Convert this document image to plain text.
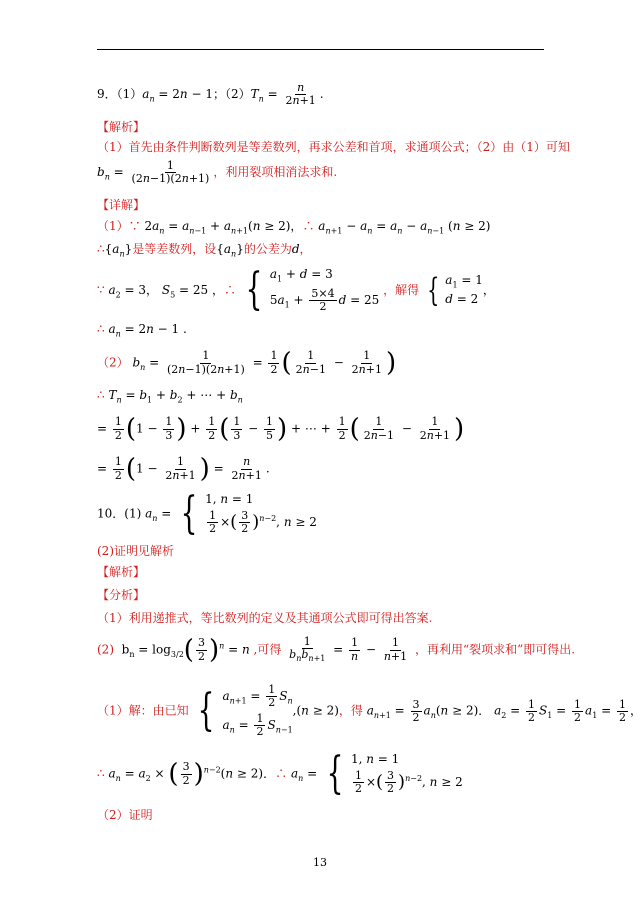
9．$(1)a_n = 2n - 1$；$(2)T_n = \frac{n}{2n+1}$ .
【解析】
（1）首先由条件判断数列是等差数列，再求公差和首项，求通项公式；（2）由（1）可知
$b_n = \frac{1}{(2n-1)(2n+1)}$ ，利用裂项相消法求和.
【详解】
（1）∵ $2a_n = a_{n-1} + a_{n+1}(n \ge 2)$，∴ $a_{n+1} - a_n = a_n - a_{n-1}$ (n ≥ 2)
$\therefore\{a_n\}$是等差数列，设$\{a_n\}$的公差为d，
∵ $a_2 = 3$， $S_5 = 25$ ，∴ { $a_1 + d = 3$
$5a_1 + \frac{5\times 4}{2}$ d = 25
，解得 { $a_1 = 1$
d = 2
，
∴ $a_n = 2n - 1$ .
（2） $b_n = \frac{1}{(2n-1)(2n+1)} = \frac{1}{2}$ ( $\frac{1}{2n-1} - \frac{1}{2n+1}$ )
∴ $T_n = b_1 + b_2$ + ⋯ + $b_n$
= $\frac{1}{2} (1 - \frac{1}{3}$ ) + $\frac{1}{2}$ ( $\frac{1}{3} - \frac{1}{5}$ ) + ⋯ + $\frac{1}{2}$ ( $\frac{1}{2n-1} - \frac{1}{2n+1}$ )
= $\frac{1}{2} (1 - \frac{1}{2n+1}$ ) = $\frac{n}{2n+1}$ .
10．(1) $a_n$ = { 1, n = 1
$\frac{1}{2}$ ×( $\frac{3}{2} )^{n-2}$, n ≥ 2
(2)证明见解析
【解析】
【分析】
（1）利用递推式，等比数列的定义及其通项公式即可得出答案.
(2)  $b_n = \log_{3/2}( \frac{3}{2} )^n = n$ ,可得 $\frac{1}{b_nb_{n+1}} = \frac{1}{n} - \frac{1}{n+1}$ ，再利用“裂项求和”即可得出.
（1）解：由已知 { $a_{n+1} = \frac{1}{2} S_n$
$a_n = \frac{1}{2} S_{n-1}$
,(n ≥ 2)，得 $a_{n+1} = \frac{3}{2} a_n(n \ge 2)$． $a_2 = \frac{1}{2} S_1 = \frac{1}{2} a_1 = \frac{1}{2}$ ，
∴ $a_n = a_2$ × ( $\frac{3}{2} )^{n-2}(n \ge 2)$．∴ $a_n$ = { 1, n = 1
$\frac{1}{2}$ ×( $\frac{3}{2} )^{n-2}$, n ≥ 2
（2）证明
13
